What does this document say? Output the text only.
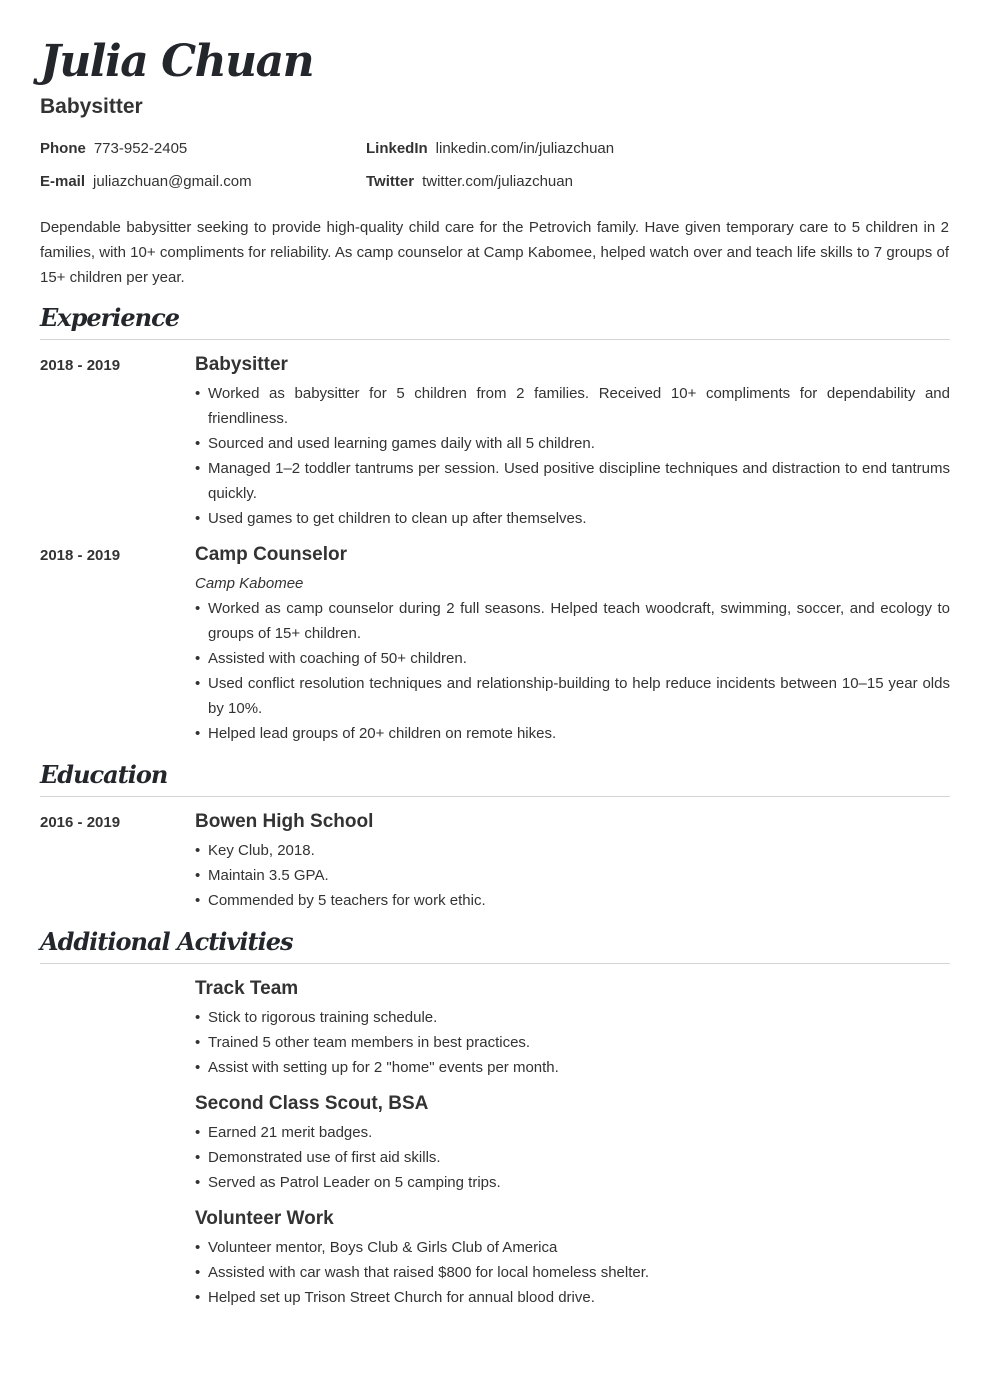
Julia Chuan
Babysitter
Phone 773-952-2405	LinkedIn linkedin.com/in/juliazchuan
E-mail juliazchuan@gmail.com	Twitter twitter.com/juliazchuan

Dependable babysitter seeking to provide high-quality child care for the Petrovich family. Have given temporary care to 5 children in 2 families, with 10+ compliments for reliability. As camp counselor at Camp Kabomee, helped watch over and teach life skills to 7 groups of 15+ children per year.

Experience
2018 - 2019	Babysitter
• Worked as babysitter for 5 children from 2 families. Received 10+ compliments for dependability and friendliness.
• Sourced and used learning games daily with all 5 children.
• Managed 1–2 toddler tantrums per session. Used positive discipline techniques and distraction to end tantrums quickly.
• Used games to get children to clean up after themselves.
2018 - 2019	Camp Counselor
Camp Kabomee
• Worked as camp counselor during 2 full seasons. Helped teach woodcraft, swimming, soccer, and ecology to groups of 15+ children.
• Assisted with coaching of 50+ children.
• Used conflict resolution techniques and relationship-building to help reduce incidents between 10–15 year olds by 10%.
• Helped lead groups of 20+ children on remote hikes.
Education
2016 - 2019	Bowen High School
• Key Club, 2018.
• Maintain 3.5 GPA.
• Commended by 5 teachers for work ethic.
Additional Activities
Track Team
• Stick to rigorous training schedule.
• Trained 5 other team members in best practices.
• Assist with setting up for 2 "home" events per month.
Second Class Scout, BSA
• Earned 21 merit badges.
• Demonstrated use of first aid skills.
• Served as Patrol Leader on 5 camping trips.
Volunteer Work
• Volunteer mentor, Boys Club & Girls Club of America
• Assisted with car wash that raised $800 for local homeless shelter.
• Helped set up Trison Street Church for annual blood drive.
